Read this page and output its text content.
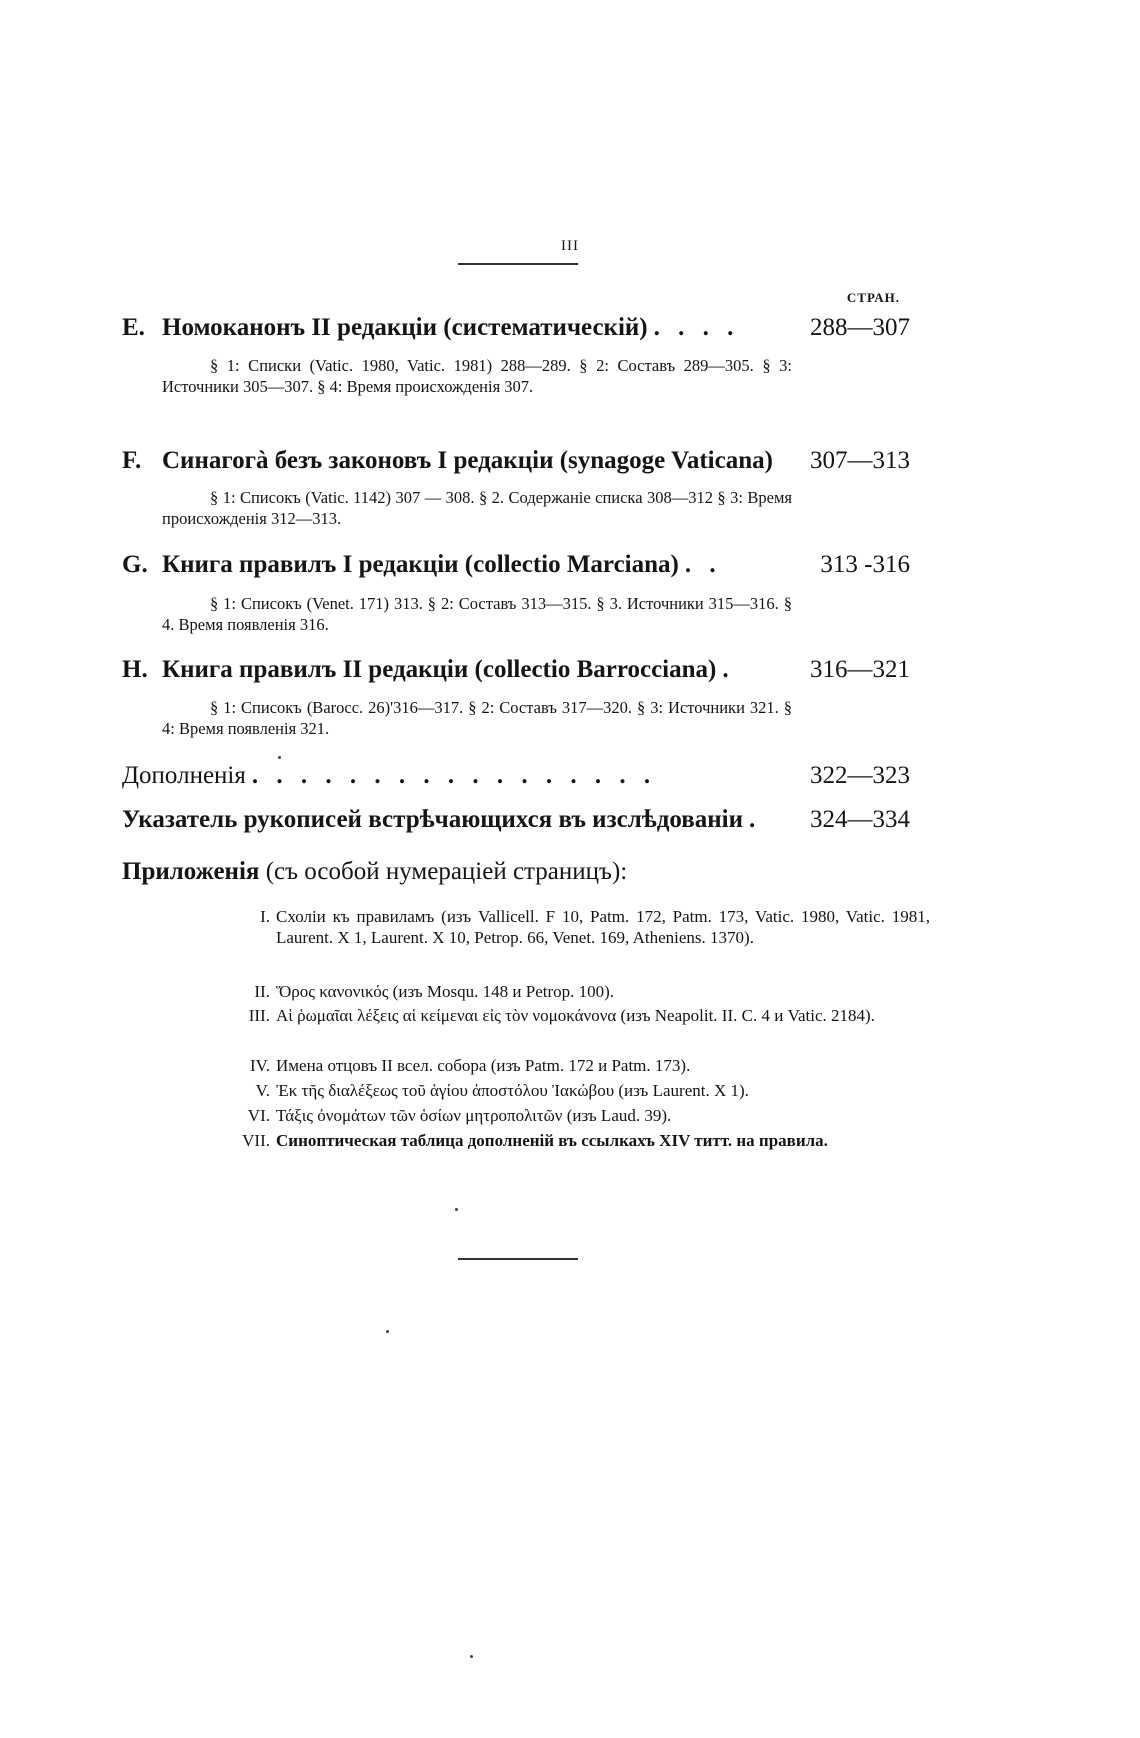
III
СТРАН.
E. Номоканонъ II редакціи (систематическій) . . . .	288—307
§ 1: Списки (Vatic. 1980, Vatic. 1981) 288—289. § 2: Составъ 289—305. § 3: Источники 305—307. § 4: Время происхожденія 307.
F. Синагогà безъ законовъ I редакціи (synagoge Vaticana) 307—313
§ 1: Списокъ (Vatic. 1142) 307 — 308. § 2. Содержаніе списка 308—312 § 3: Время происхожденія 312—313.
G. Книга правилъ I редакціи (collectio Marciana) . .	313 -316
§ 1: Списокъ (Venet. 171) 313. § 2: Составъ 313—315. § 3. Источники 315—316. § 4. Время появленія 316.
H. Книга правилъ II редакціи (collectio Barrocciana) .	316—321
§ 1: Списокъ (Barocc. 26)'316—317. § 2: Составъ 317—320. § 3: Источники 321. § 4: Время появленія 321.
Дополненія . . . . . . . . . . . . . . . . .	322—323
Указатель рукописей встрѣчающихся въ изслѣдованіи .	324—334
Приложенія (съ особой нумераціей страницъ):
I. Схоліи къ правиламъ (изъ Vallicell. F 10, Patm. 172, Patm. 173, Vatic. 1980, Vatic. 1981, Laurent. X 1, Laurent. X 10, Petrop. 66, Venet. 169, Atheniens. 1370).
II. Ὅρος κανονικός (изъ Mosqu. 148 и Petrop. 100).
III. Αἱ ῥωμαῖαι λέξεις αἱ κείμεναι εἰς τὸν νομοκάνονα (изъ Neapolit. II. C. 4 и Vatic. 2184).
IV. Имена отцовъ II всел. собора (изъ Patm. 172 и Patm. 173).
V. Ἐκ τῆς διαλέξεως τοῦ ἁγίου ἀποστόλου Ἰακώβου (изъ Laurent. X 1).
VI. Τάξις ὀνομάτων τῶν ὁσίων μητροπολιτῶν (изъ Laud. 39).
VII. Синоптическая таблица дополненій въ ссылкахъ XIV титт. на правила.
